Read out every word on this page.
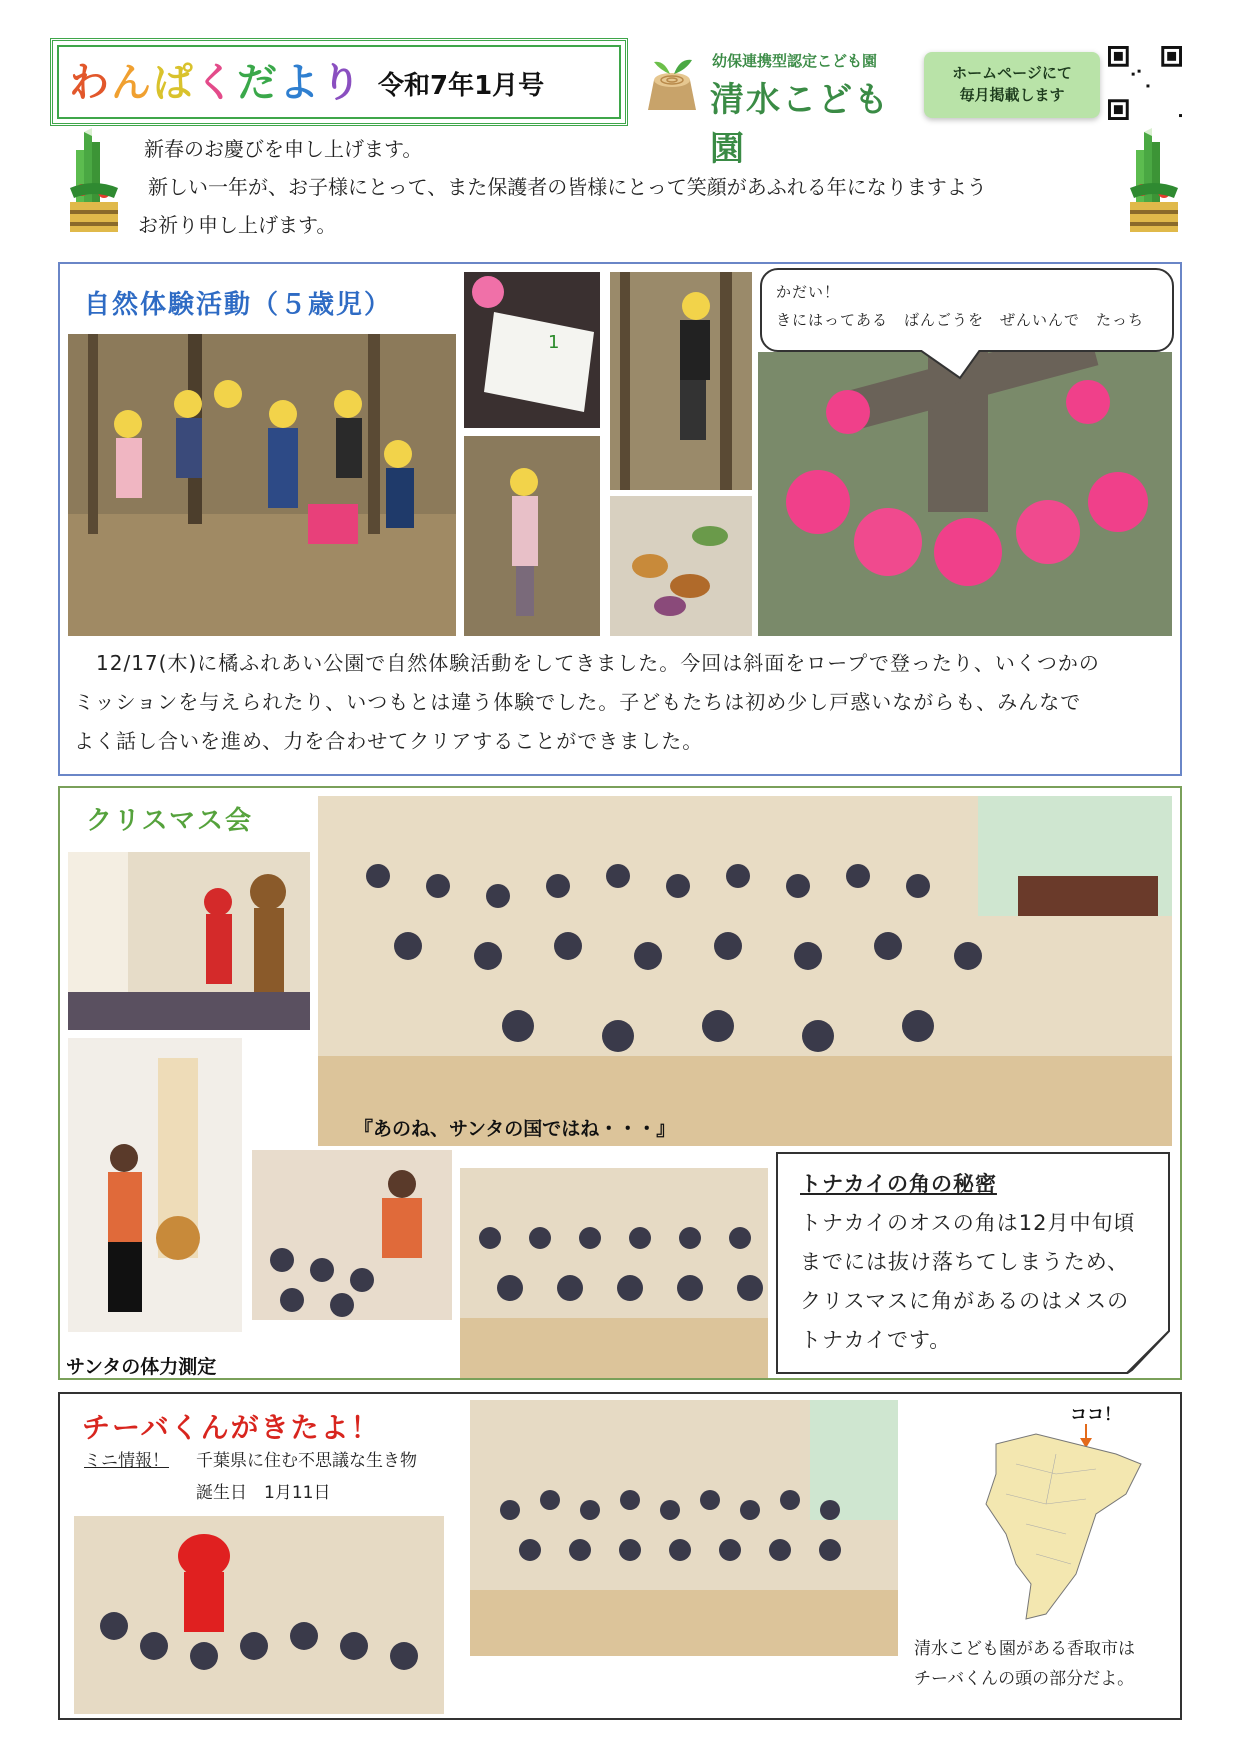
わんぱくだより 令和7年1月号
幼保連携型認定こども園
清水こども園
ホームページにて
毎月掲載します
新春のお慶びを申し上げます。
新しい一年が、お子様にとって、また保護者の皆様にとって笑顔があふれる年になりますよう
お祈り申し上げます。
自然体験活動（５歳児）
1
かだい！
きにはってある　ばんごうを　ぜんいんで　たっち
12/17(木)に橘ふれあい公園で自然体験活動をしてきました。今回は斜面をロープで登ったり、いくつかの
ミッションを与えられたり、いつもとは違う体験でした。子どもたちは初め少し戸惑いながらも、みんなで
よく話し合いを進め、力を合わせてクリアすることができました。
クリスマス会
『あのね、サンタの国ではね・・・』
サンタの体力測定
トナカイの角の秘密
トナカイのオスの角は12月中旬頃
までには抜け落ちてしまうため、
クリスマスに角があるのはメスの
トナカイです。
チーバくんがきたよ！
ミニ情報！ 千葉県に住む不思議な生き物
誕生日　1月11日
ココ！
清水こども園がある香取市は
チーバくんの頭の部分だよ。
